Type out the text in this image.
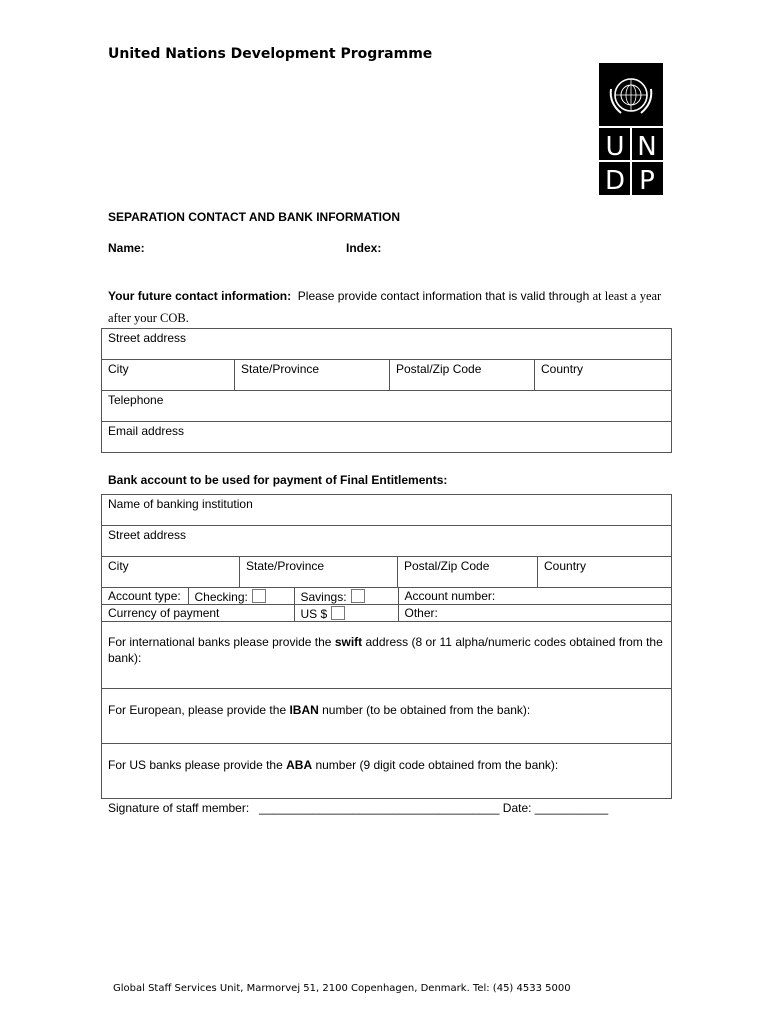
United Nations Development Programme
U N
D P
SEPARATION CONTACT AND BANK INFORMATION
Name:	Index:
Your future contact information: Please provide contact information that is valid through at least a year after your COB.
Street address
City	State/Province	Postal/Zip Code	Country
Telephone
Email address
Bank account to be used for payment of Final Entitlements:
Name of banking institution
Street address
City	State/Province	Postal/Zip Code	Country

Account type:	Checking:	Savings:	Account number:
Currency of payment	US $	Other:

For international banks please provide the swift address (8 or 11 alpha/numeric codes obtained from the bank):
For European, please provide the IBAN number (to be obtained from the bank):
For US banks please provide the ABA number (9 digit code obtained from the bank):
Signature of staff member:   ____________________________________ Date: ___________
Global Staff Services Unit, Marmorvej 51, 2100 Copenhagen, Denmark. Tel: (45) 4533 5000
